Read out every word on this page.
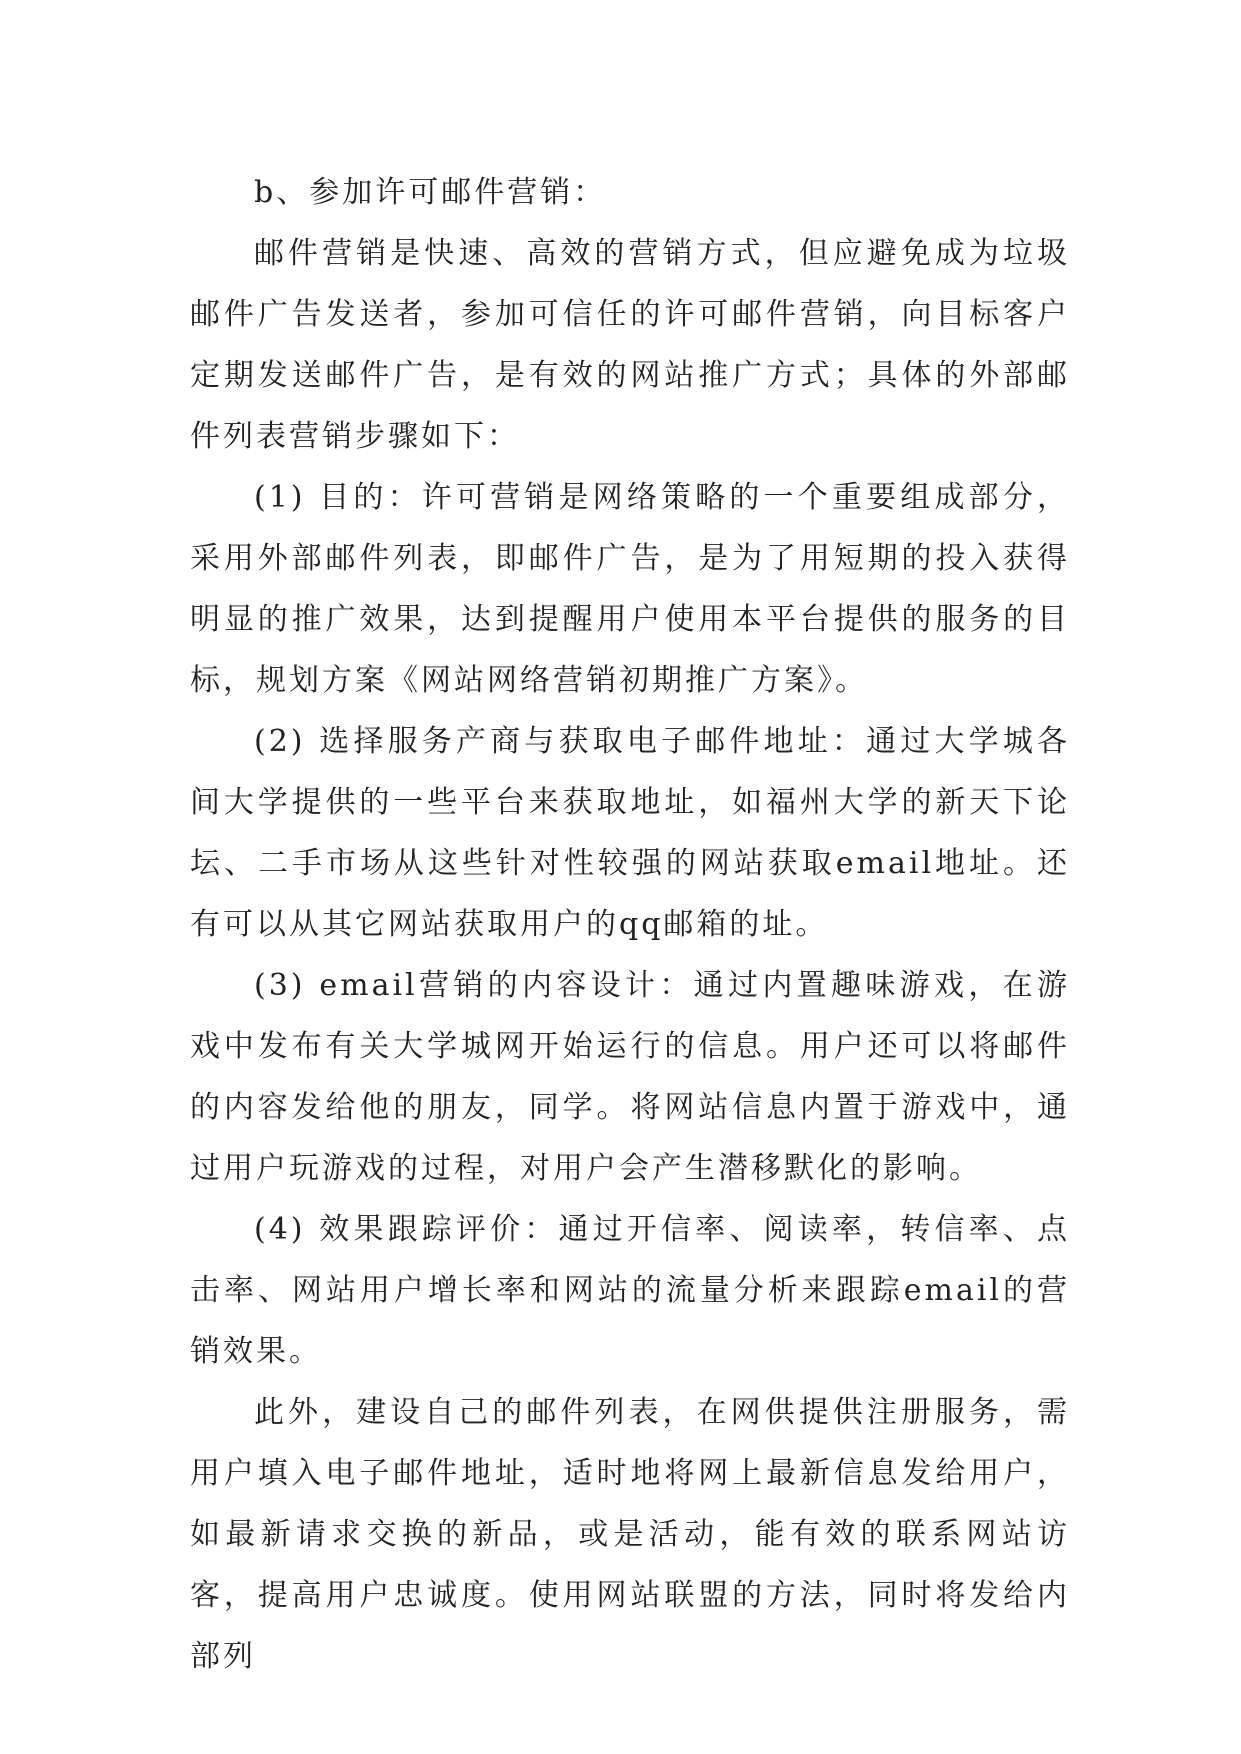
b、参加许可邮件营销：

邮件营销是快速、高效的营销方式，但应避免成为垃圾邮件广告发送者，参加可信任的许可邮件营销，向目标客户定期发送邮件广告，是有效的网站推广方式；具体的外部邮件列表营销步骤如下：

(1) 目的：许可营销是网络策略的一个重要组成部分，采用外部邮件列表，即邮件广告，是为了用短期的投入获得明显的推广效果，达到提醒用户使用本平台提供的服务的目标，规划方案《网站网络营销初期推广方案》。

(2) 选择服务产商与获取电子邮件地址：通过大学城各间大学提供的一些平台来获取地址，如福州大学的新天下论坛、二手市场从这些针对性较强的网站获取email地址。还有可以从其它网站获取用户的qq邮箱的址。

(3) email营销的内容设计：通过内置趣味游戏，在游戏中发布有关大学城网开始运行的信息。用户还可以将邮件的内容发给他的朋友，同学。将网站信息内置于游戏中，通过用户玩游戏的过程，对用户会产生潜移默化的影响。

(4) 效果跟踪评价：通过开信率、阅读率，转信率、点击率、网站用户增长率和网站的流量分析来跟踪email的营销效果。

此外，建设自己的邮件列表，在网供提供注册服务，需用户填入电子邮件地址，适时地将网上最新信息发给用户，如最新请求交换的新品，或是活动，能有效的联系网站访客，提高用户忠诚度。使用网站联盟的方法，同时将发给内部列
